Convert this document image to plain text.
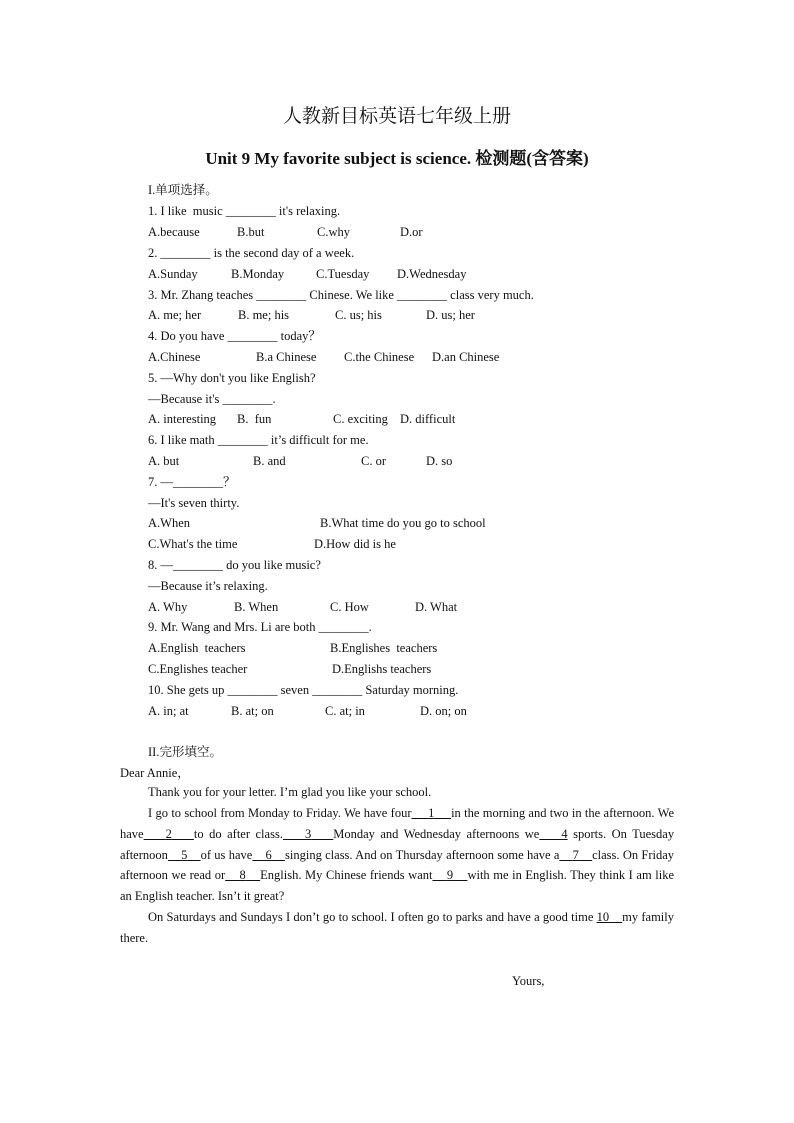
人教新目标英语七年级上册
Unit 9 My favorite subject is science. 检测题(含答案)
I.单项选择。
1. I like  music ________ it's relaxing.
A.because	B.but	C.why	D.or
2. ________ is the second day of a week.
A.Sunday	B.Monday	C.Tuesday D.Wednesday
3. Mr. Zhang teaches ________ Chinese. We like ________ class very much.
A. me; her	B. me; his	C. us; his	D. us; her
4. Do you have ________ today？
A.Chinese	B.a Chinese C.the Chinese D.an Chinese
5. —Why don't you like English?
—Because it's ________.
A. interesting B.  fun	C. exciting D. difficult
6. I like math ________ it’s difficult for me.
A. but	B. and	C. or	D. so
7. —________？
—It's seven thirty.
A.When	B.What time do you go to school
C.What's the time	D.How did is he
8. —________ do you like music?
—Because it’s relaxing.
A. Why	B. When	C. How	D. What
9. Mr. Wang and Mrs. Li are both ________.
A.English  teachers	B.Englishes  teachers
C.Englishes teacher	D.Englishs teachers
10. She gets up ________ seven ________ Saturday morning.
A. in; at	B. at; on	C. at; in	D. on; on
II.完形填空。
Dear Annie，
Thank you for your letter. I’m glad you like your school.
I go to school from Monday to Friday. We have four 1 in the morning and two in the afternoon. We have 2 to do after class. 3 Monday and Wednesday afternoons we 4 sports. On Tuesday afternoon 5 of us have 6 singing class. And on Thursday afternoon some have a 7 class. On Friday afternoon we read or 8 English. My Chinese friends want 9 with me in English. They think I am like an English teacher. Isn’t it great?
On Saturdays and Sundays I don’t go to school. I often go to parks and have a good time 10 my family there.
Yours,
